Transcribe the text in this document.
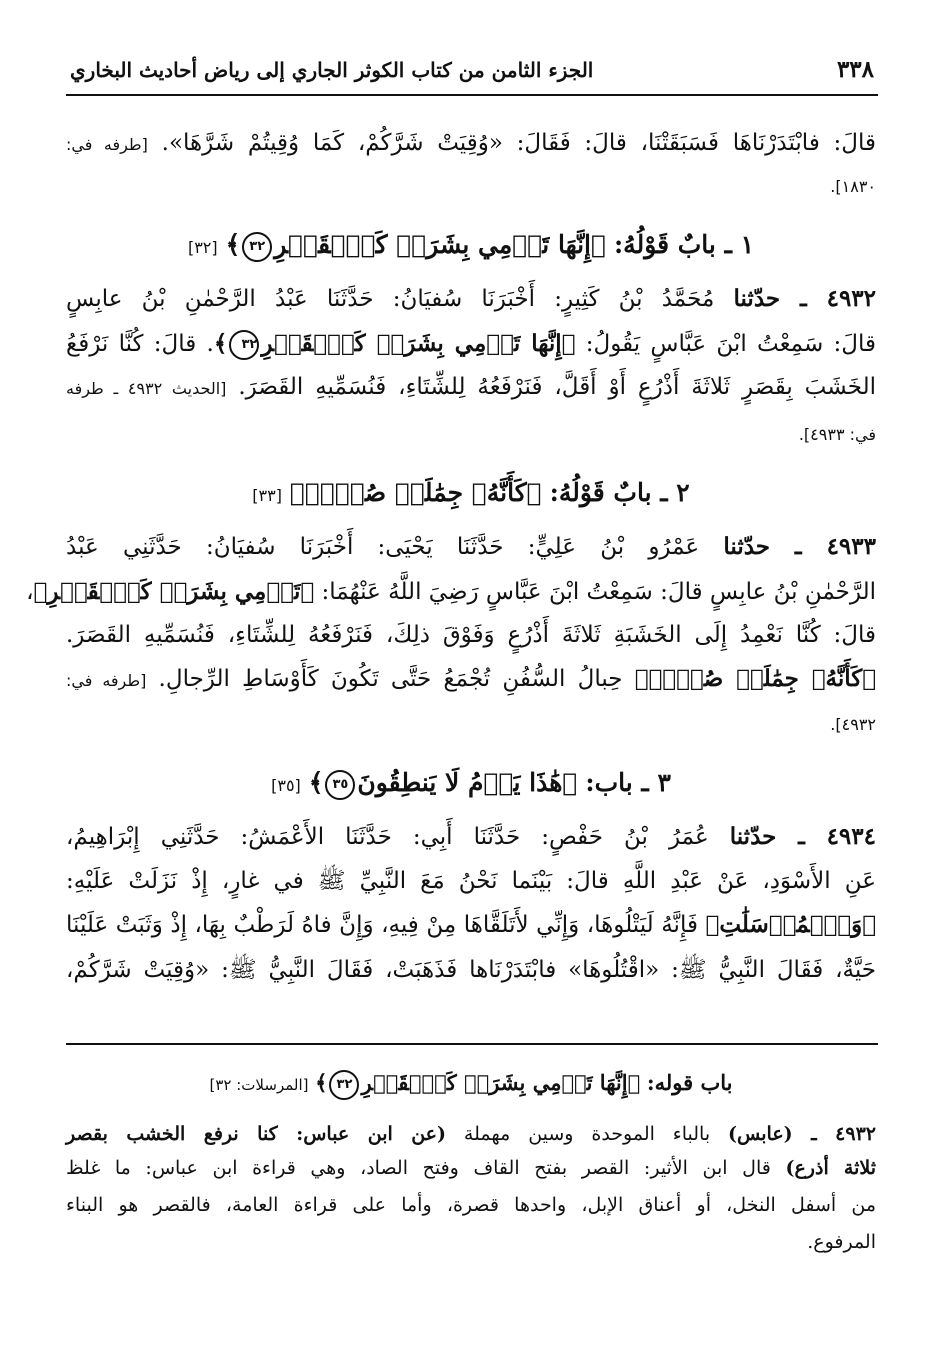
٣٣٨
الجزء الثامن من كتاب الكوثر الجاري إلى رياض أحاديث البخاري
قالَ: فابْتَدَرْنَاهَا فَسَبَقَتْنَا، قالَ: فَقَالَ: «وُقِيَتْ شَرَّكُمْ، كَمَا وُقِيتُمْ شَرَّهَا». [طرفه في:
١٨٣٠].
١ ـ بابٌ قَوْلُهُ: ﴿إِنَّهَا تَرۡمِي بِشَرَرٖ كَٱلۡقَصۡرِ٣٢﴾ [٣٢]
٤٩٣٢ ـ حدّثنا مُحَمَّدُ بْنُ كَثِيرٍ: أَخْبَرَنَا سُفيَانُ: حَدَّثَنَا عَبْدُ الرَّحْمٰنِ بْنُ عابِسٍ
قالَ: سَمِعْتُ ابْنَ عَبَّاسٍ يَقُولُ: ﴿إِنَّهَا تَرۡمِي بِشَرَرٖ كَٱلۡقَصۡرِ٣٢﴾. قالَ: كُنَّا نَرْفَعُ
الخَشَبَ بِقَصَرٍ ثَلاثَةَ أَذْرُعٍ أَوْ أَقَلَّ، فَنَرْفَعُهُ لِلشِّتَاءِ، فَنُسَمِّيهِ القَصَرَ. [الحديث ٤٩٣٢ ـ طرفه
في: ٤٩٣٣].
٢ ـ بابٌ قَوْلُهُ: ﴿كَأَنَّهُۥ جِمَٰلَتٞ صُفۡرٞ﴾ [٣٣]
٤٩٣٣ ـ حدّثنا عَمْرُو بْنُ عَلِيٍّ: حَدَّثَنَا يَحْيَى: أَخْبَرَنَا سُفيَانُ: حَدَّثَنِي عَبْدُ
الرَّحْمٰنِ بْنُ عابِسٍ قالَ: سَمِعْتُ ابْنَ عَبَّاسٍ رَضِيَ اللَّهُ عَنْهُمَا: ﴿تَرۡمِي بِشَرَرٖ كَٱلۡقَصۡرِ﴾،
قالَ: كُنَّا نَعْمِدُ إِلَى الخَشَبَةِ ثَلاثَةَ أَذْرُعٍ وَفَوْقَ ذلِكَ، فَنَرْفَعُهُ لِلشِّتَاءِ، فَنُسَمِّيهِ القَصَرَ.
﴿كَأَنَّهُۥ جِمَٰلَتٞ صُفۡرٞ﴾ حِبالُ السُّفُنِ تُجْمَعُ حَتَّى تَكُونَ كَأَوْسَاطِ الرِّجالِ. [طرفه في:
٤٩٣٢].
٣ ـ باب: ﴿هَٰذَا يَوۡمُ لَا يَنطِقُونَ٣٥﴾ [٣٥]
٤٩٣٤ ـ حدّثنا عُمَرُ بْنُ حَفْصٍ: حَدَّثَنَا أَبِي: حَدَّثَنَا الأَعْمَشُ: حَدَّثَنِي إِبْرَاهِيمُ،
عَنِ الأَسْوَدِ، عَنْ عَبْدِ اللَّهِ قالَ: بَيْنَما نَحْنُ مَعَ النَّبِيِّ ﷺ في غارٍ، إِذْ نَزَلَتْ عَلَيْهِ:
﴿وَٱلۡمُرۡسَلَٰتِ﴾ فَإِنَّهُ لَيَتْلُوهَا، وَإِنِّي لأَتَلَقَّاهَا مِنْ فِيهِ، وَإِنَّ فاهُ لَرَطْبٌ بِهَا، إِذْ وَثَبَتْ عَلَيْنَا
حَيَّةٌ، فَقَالَ النَّبِيُّ ﷺ: «اقْتُلُوهَا» فابْتَدَرْنَاها فَذَهَبَتْ، فَقَالَ النَّبِيُّ ﷺ: «وُقِيَتْ شَرَّكُمْ،
باب قوله: ﴿إِنَّهَا تَرۡمِي بِشَرَرٖ كَٱلۡقَصۡرِ٣٢﴾ [المرسلات: ٣٢]
٤٩٣٢ ـ (عابس) بالباء الموحدة وسين مهملة (عن ابن عباس: كنا نرفع الخشب بقصر
ثلاثة أذرع) قال ابن الأثير: القصر بفتح القاف وفتح الصاد، وهي قراءة ابن عباس: ما غلظ
من أسفل النخل، أو أعناق الإبل، واحدها قصرة، وأما على قراءة العامة، فالقصر هو البناء
المرفوع.
